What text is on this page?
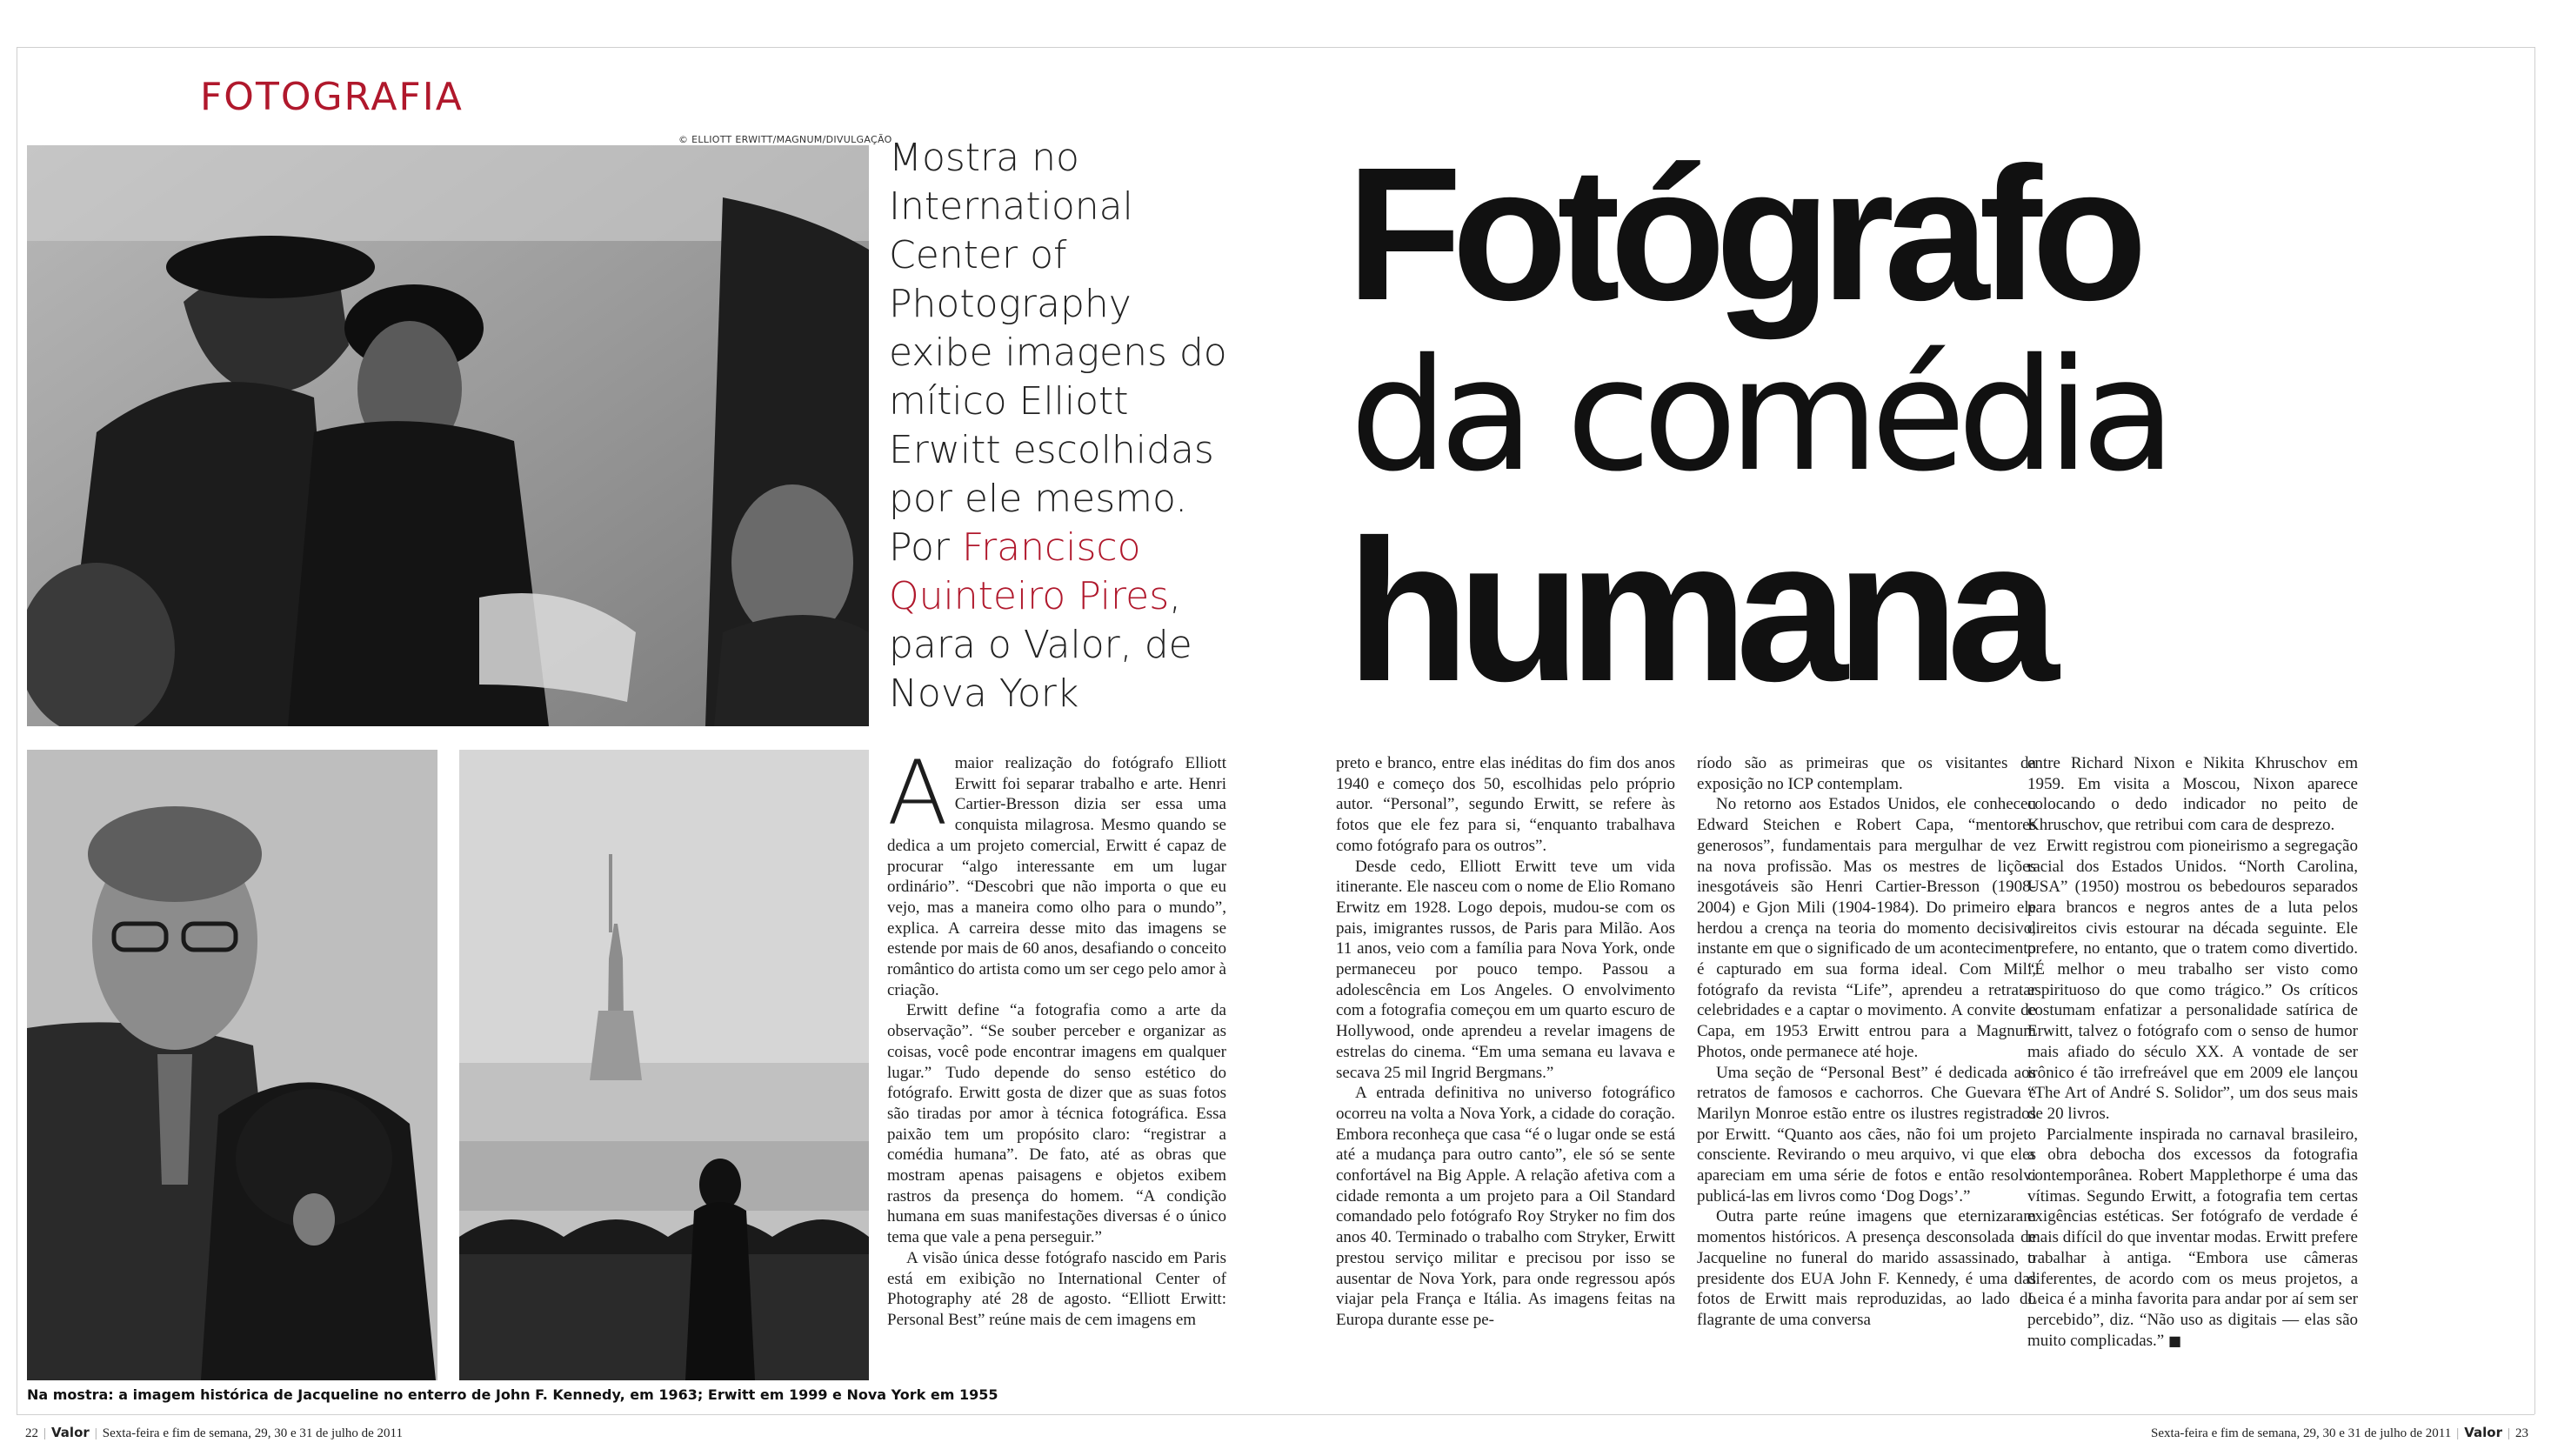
FOTOGRAFIA
© ELLIOTT ERWITT/MAGNUM/DIVULGAÇÃO
Na mostra: a imagem histórica de Jacqueline no enterro de John F. Kennedy, em 1963; Erwitt em 1999 e Nova York em 1955
Mostra no International Center of Photography exibe imagens do mítico Elliott Erwitt escolhidas por ele mesmo. Por Francisco Quinteiro Pires, para o Valor, de Nova York
Fotógrafo
da comédia
humana

Amaior realização do fotógrafo Elliott Erwitt foi separar trabalho e arte. Henri Cartier-Bresson dizia ser essa uma conquista milagrosa. Mesmo quando se dedica a um projeto comercial, Erwitt é capaz de procurar “algo interessante em um lugar ordinário”. “Descobri que não importa o que eu vejo, mas a maneira como olho para o mundo”, explica. A carreira desse mito das imagens se estende por mais de 60 anos, desafiando o conceito romântico do artista como um ser cego pelo amor à criação.

Erwitt define “a fotografia como a arte da observação”. “Se souber perceber e organizar as coisas, você pode encontrar imagens em qualquer lugar.” Tudo depende do senso estético do fotógrafo. Erwitt gosta de dizer que as suas fotos são tiradas por amor à técnica fotográfica. Essa paixão tem um propósito claro: “registrar a comédia humana”. De fato, até as obras que mostram apenas paisagens e objetos exibem rastros da presença do homem. “A condição humana em suas manifestações diversas é o único tema que vale a pena perseguir.”

A visão única desse fotógrafo nascido em Paris está em exibição no International Center of Photography até 28 de agosto. “Elliott Erwitt: Personal Best” reúne mais de cem imagens em

preto e branco, entre elas inéditas do fim dos anos 1940 e começo dos 50, escolhidas pelo próprio autor. “Personal”, segundo Erwitt, se refere às fotos que ele fez para si, “enquanto trabalhava como fotógrafo para os outros”.

Desde cedo, Elliott Erwitt teve um vida itinerante. Ele nasceu com o nome de Elio Romano Erwitz em 1928. Logo depois, mudou-se com os pais, imigrantes russos, de Paris para Milão. Aos 11 anos, veio com a família para Nova York, onde permaneceu por pouco tempo. Passou a adolescência em Los Angeles. O envolvimento com a fotografia começou em um quarto escuro de Hollywood, onde aprendeu a revelar imagens de estrelas do cinema. “Em uma semana eu lavava e secava 25 mil Ingrid Bergmans.”

A entrada definitiva no universo fotográfico ocorreu na volta a Nova York, a cidade do coração. Embora reconheça que casa “é o lugar onde se está até a mudança para outro canto”, ele só se sente confortável na Big Apple. A relação afetiva com a cidade remonta a um projeto para a Oil Standard comandado pelo fotógrafo Roy Stryker no fim dos anos 40. Terminado o trabalho com Stryker, Erwitt prestou serviço militar e precisou por isso se ausentar de Nova York, para onde regressou após viajar pela França e Itália. As imagens feitas na Europa durante esse pe-

ríodo são as primeiras que os visitantes da exposição no ICP contemplam.

No retorno aos Estados Unidos, ele conheceu Edward Steichen e Robert Capa, “mentores generosos”, fundamentais para mergulhar de vez na nova profissão. Mas os mestres de lições inesgotáveis são Henri Cartier-Bresson (1908-2004) e Gjon Mili (1904-1984). Do primeiro ele herdou a crença na teoria do momento decisivo, instante em que o significado de um acontecimento é capturado em sua forma ideal. Com Mili, fotógrafo da revista “Life”, aprendeu a retratar celebridades e a captar o movimento. A convite de Capa, em 1953 Erwitt entrou para a Magnum Photos, onde permanece até hoje.

Uma seção de “Personal Best” é dedicada aos retratos de famosos e cachorros. Che Guevara e Marilyn Monroe estão entre os ilustres registrados por Erwitt. “Quanto aos cães, não foi um projeto consciente. Revirando o meu arquivo, vi que eles apareciam em uma série de fotos e então resolvi publicá-las em livros como ‘Dog Dogs’.”

Outra parte reúne imagens que eternizaram momentos históricos. A presença desconsolada de Jacqueline no funeral do marido assassinado, o presidente dos EUA John F. Kennedy, é uma das fotos de Erwitt mais reproduzidas, ao lado do flagrante de uma conversa

entre Richard Nixon e Nikita Khruschov em 1959. Em visita a Moscou, Nixon aparece colocando o dedo indicador no peito de Khruschov, que retribui com cara de desprezo.

Erwitt registrou com pioneirismo a segregação racial dos Estados Unidos. “North Carolina, USA” (1950) mostrou os bebedouros separados para brancos e negros antes de a luta pelos direitos civis estourar na década seguinte. Ele prefere, no entanto, que o tratem como divertido. “É melhor o meu trabalho ser visto como espirituoso do que como trágico.” Os críticos costumam enfatizar a personalidade satírica de Erwitt, talvez o fotógrafo com o senso de humor mais afiado do século XX. A vontade de ser irônico é tão irrefreável que em 2009 ele lançou “The Art of André S. Solidor”, um dos seus mais de 20 livros.

Parcialmente inspirada no carnaval brasileiro, a obra debocha dos excessos da fotografia contemporânea. Robert Mapplethorpe é uma das vítimas. Segundo Erwitt, a fotografia tem certas exigências estéticas. Ser fotógrafo de verdade é mais difícil do que inventar modas. Erwitt prefere trabalhar à antiga. “Embora use câmeras diferentes, de acordo com os meus projetos, a Leica é a minha favorita para andar por aí sem ser percebido”, diz. “Não uso as digitais — elas são muito complicadas.” ■

22 | Valor | Sexta-feira e fim de semana, 29, 30 e 31 de julho de 2011	Sexta-feira e fim de semana, 29, 30 e 31 de julho de 2011 | Valor | 23
